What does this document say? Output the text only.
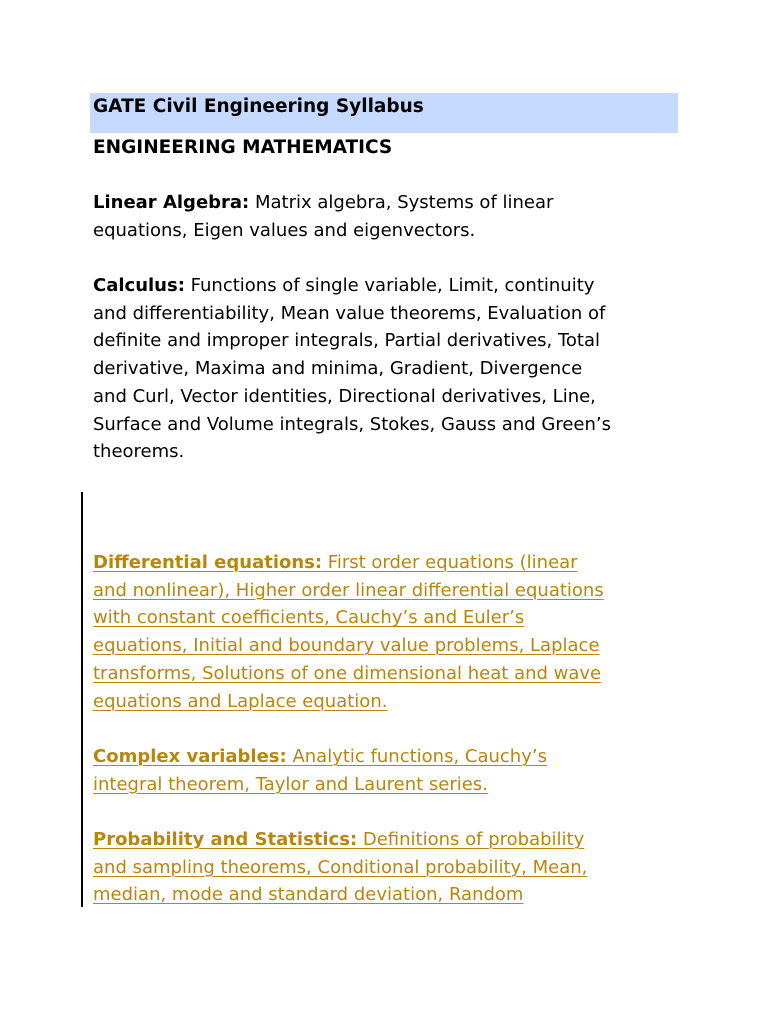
GATE Civil Engineering Syllabus
ENGINEERING MATHEMATICS
Linear Algebra: Matrix algebra, Systems of linear
equations, Eigen values and eigenvectors.
Calculus: Functions of single variable, Limit, continuity
and differentiability, Mean value theorems, Evaluation of
definite and improper integrals, Partial derivatives, Total
derivative, Maxima and minima, Gradient, Divergence
and Curl, Vector identities, Directional derivatives, Line,
Surface and Volume integrals, Stokes, Gauss and Green’s
theorems.
Differential equations: First order equations (linear
and nonlinear), Higher order linear differential equations
with constant coefficients, Cauchy’s and Euler’s
equations, Initial and boundary value problems, Laplace
transforms, Solutions of one dimensional heat and wave
equations and Laplace equation.
Complex variables: Analytic functions, Cauchy’s
integral theorem, Taylor and Laurent series.
Probability and Statistics: Definitions of probability
and sampling theorems, Conditional probability, Mean,
median, mode and standard deviation, Random
